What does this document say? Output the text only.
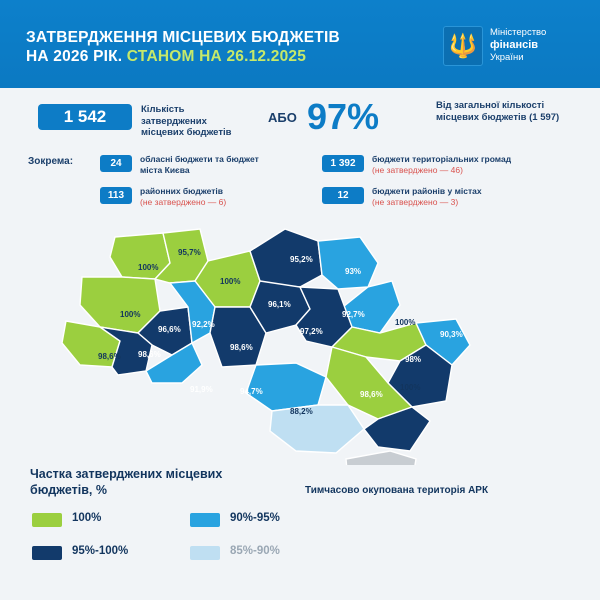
ЗАТВЕРДЖЕННЯ МІСЦЕВИХ БЮДЖЕТІВ
НА 2026 РІК. СТАНОМ НА 26.12.2025	🔱 Міністерство
фінансів
України
1 542	Кількість затверджених місцевих бюджетів
АБО 97%	Від загальної кількості місцевих бюджетів (1 597)
Зокрема:	24	обласні бюджети та бюджет міста Києва
113	районних бюджетів
(не затверджено — 6)
1 392	бюджети територіальних громад
(не затверджено — 46)
12	бюджети районів у містах
(не затверджено — 3)
100%
95,7%
100%
95,2%
93%
92,7%
100%
96,6%
92,2%
98,6%
96,1%
97,2%
100%
90,3%
98%
100%
98,6% 98,6%
91,9%	94,7%	98,6%
88,2%
Частка затверджених місцевих бюджетів, %
100%
95%-100%
90%-95%
85%-90%
Тимчасово окупована територія АРК
